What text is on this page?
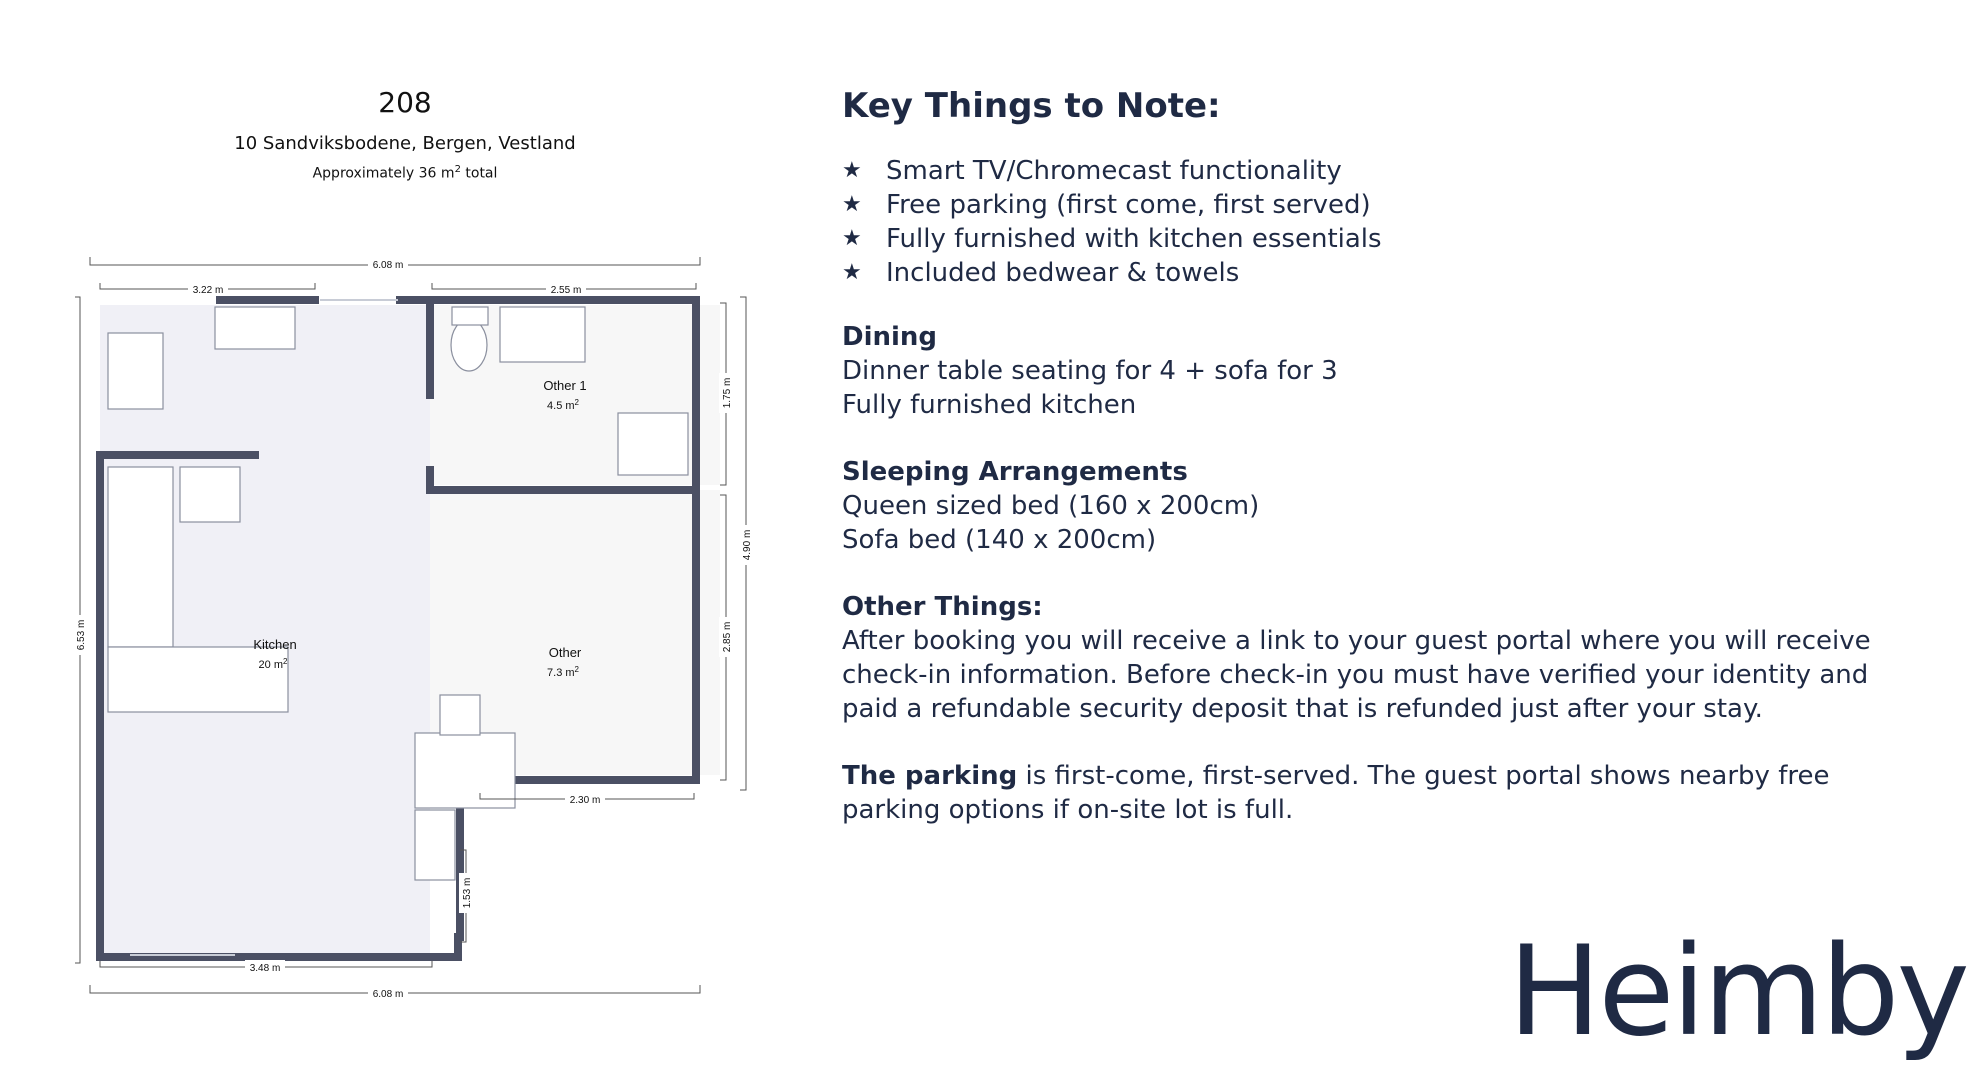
208
10 Sandviksbodene, Bergen, Vestland
Approximately 36 $m^2$ total
Kitchen
20 $m^2$
Other 1
4.5 $m^2$
Other
7.3 $m^2$
6.08 m
3.22 m	2.55 m
6.53 m
1.75 m
2.85 m
4.90 m
2.30 m
1.53 m
3.48 m
6.08 m
Key Things to Note:
★ Smart TV/Chromecast functionality
★ Free parking (first come, first served)
★ Fully furnished with kitchen essentials
★ Included bedwear & towels
Dining
Dinner table seating for 4 + sofa for 3
Fully furnished kitchen
Sleeping Arrangements
Queen sized bed (160 x 200cm)
Sofa bed (140 x 200cm)
Other Things:
After booking you will receive a link to your guest portal where you will receive check-in information. Before check-in you must have verified your identity and paid a refundable security deposit that is refunded just after your stay.
The parking is first-come, first-served. The guest portal shows nearby free parking options if on-site lot is full.
Heimby
